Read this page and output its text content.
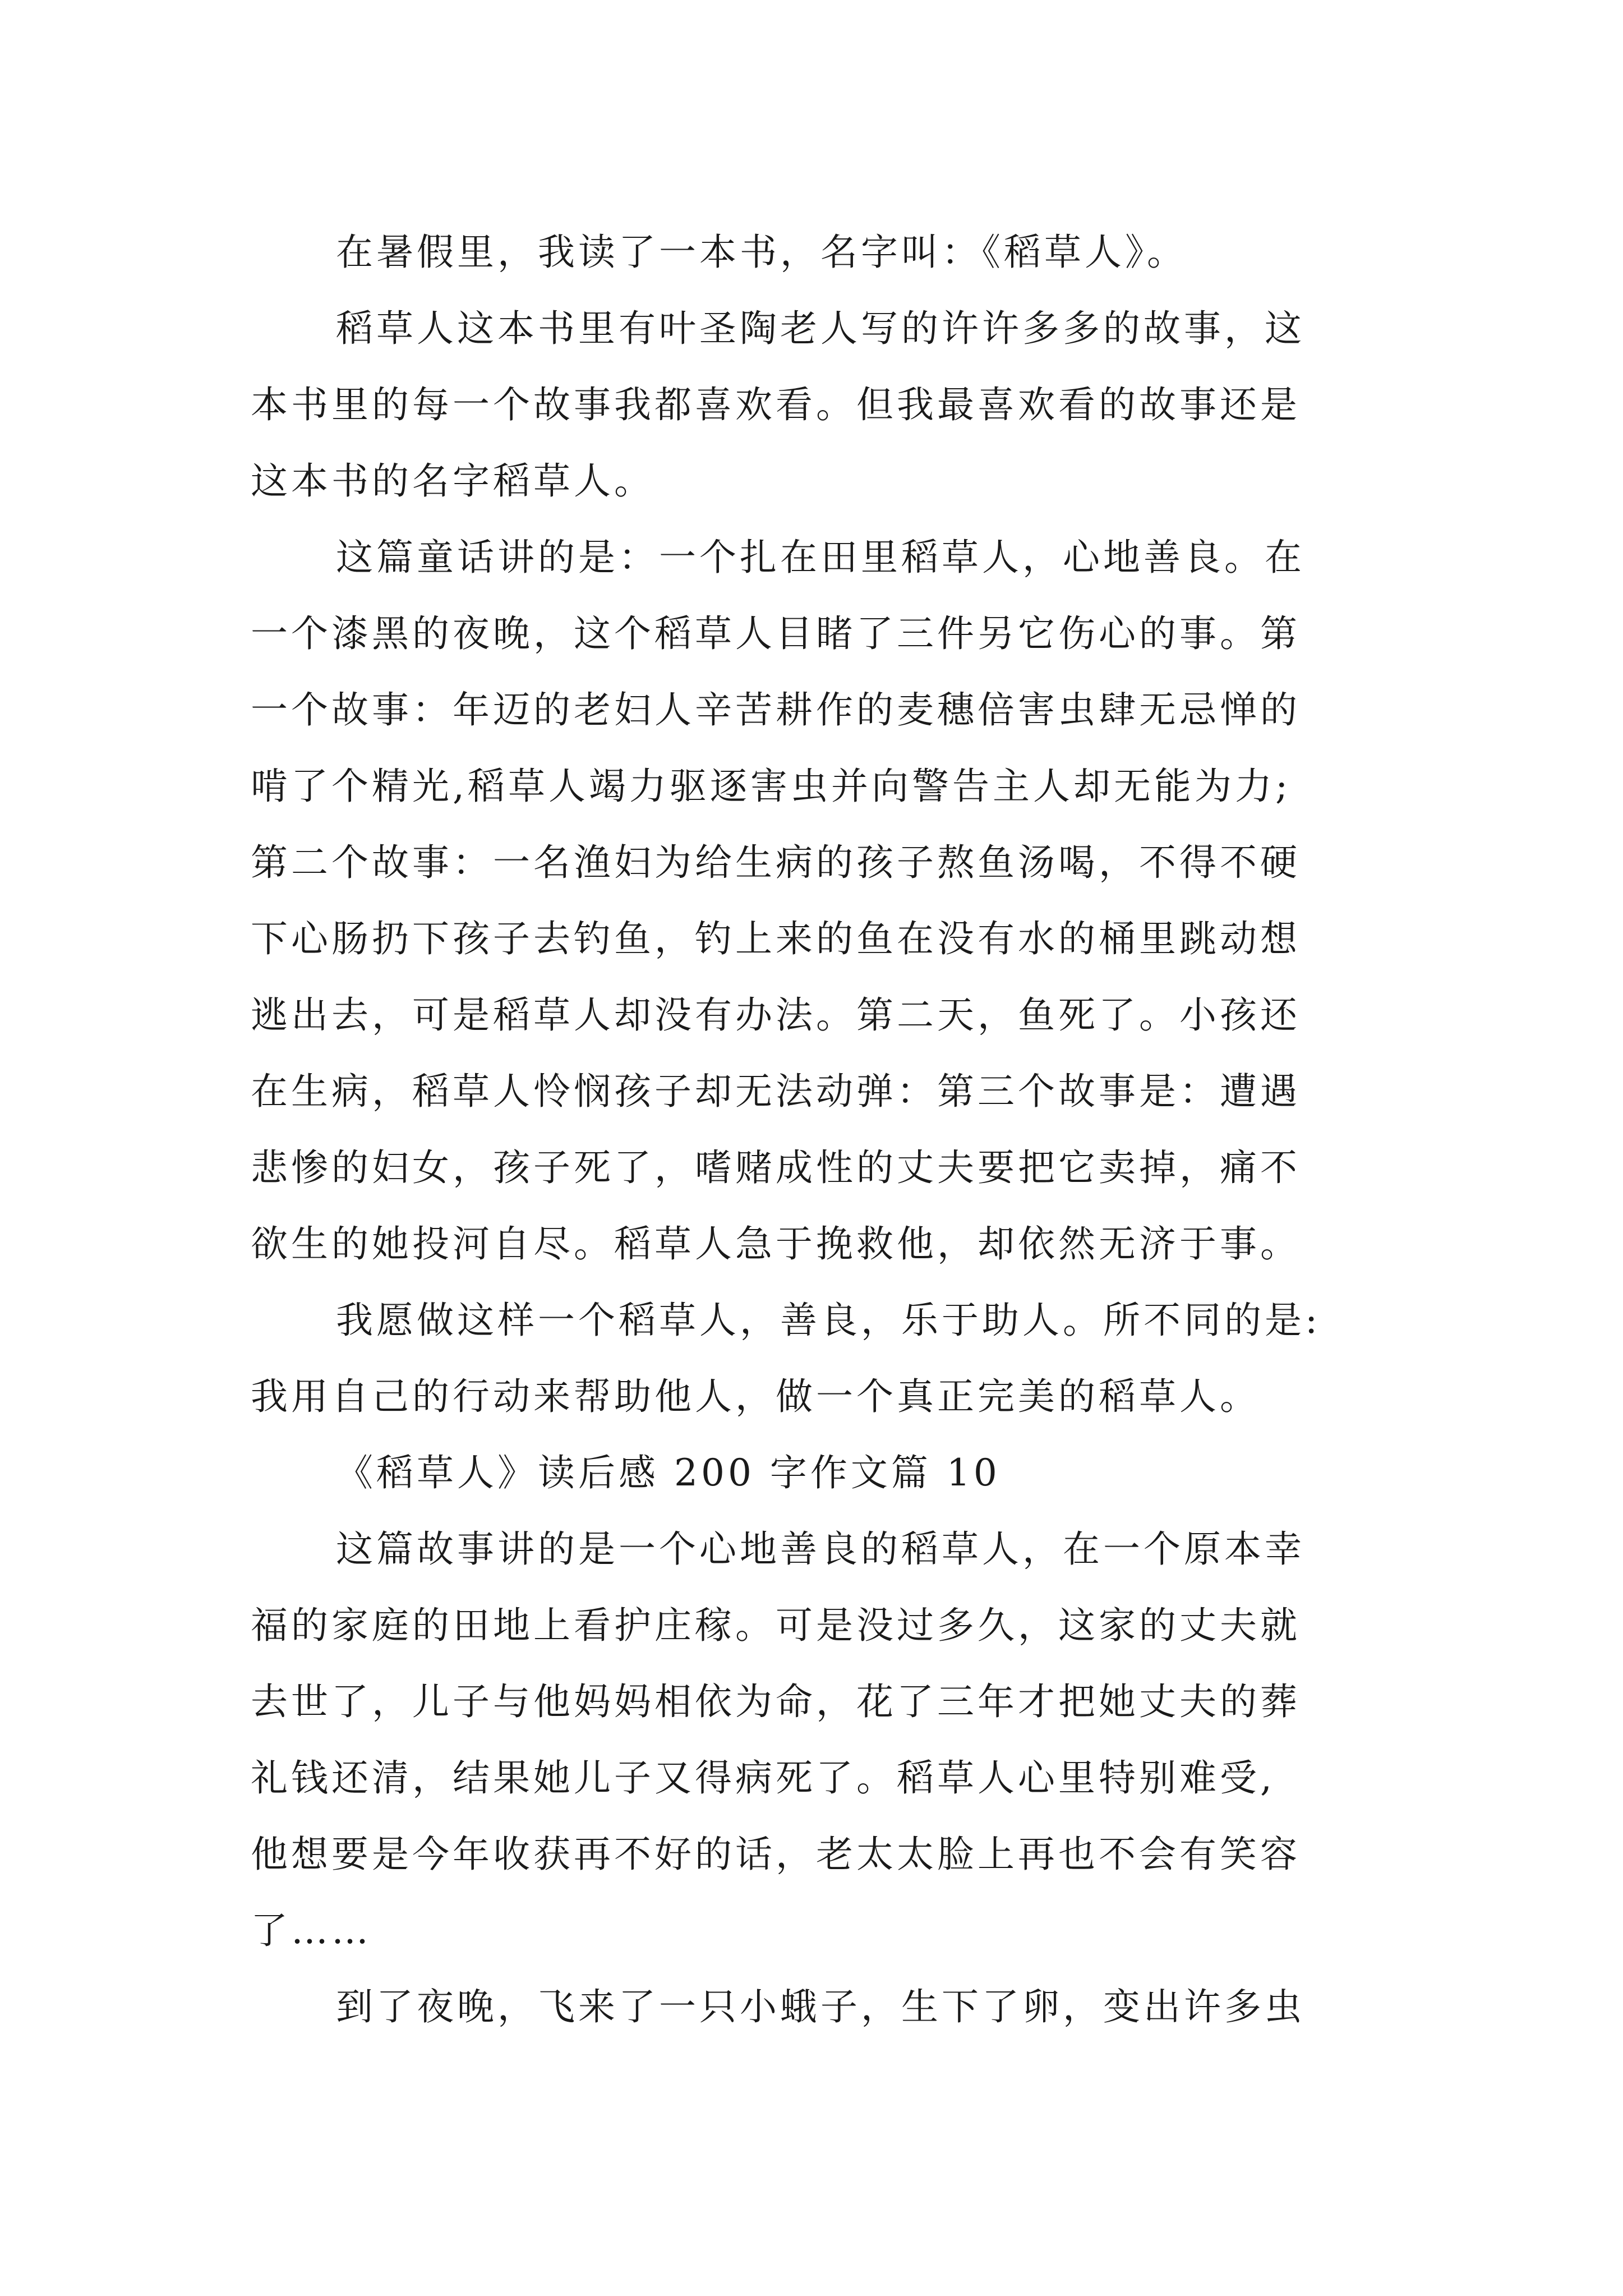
在暑假里，我读了一本书，名字叫：《稻草人》。
稻草人这本书里有叶圣陶老人写的许许多多的故事，这
本书里的每一个故事我都喜欢看。但我最喜欢看的故事还是
这本书的名字稻草人。
这篇童话讲的是：一个扎在田里稻草人，心地善良。在
一个漆黑的夜晚，这个稻草人目睹了三件另它伤心的事。第
一个故事：年迈的老妇人辛苦耕作的麦穗倍害虫肆无忌惮的
啃了个精光,稻草人竭力驱逐害虫并向警告主人却无能为力;
第二个故事：一名渔妇为给生病的孩子熬鱼汤喝，不得不硬
下心肠扔下孩子去钓鱼，钓上来的鱼在没有水的桶里跳动想
逃出去，可是稻草人却没有办法。第二天，鱼死了。小孩还
在生病，稻草人怜悯孩子却无法动弹：第三个故事是：遭遇
悲惨的妇女，孩子死了，嗜赌成性的丈夫要把它卖掉，痛不
欲生的她投河自尽。稻草人急于挽救他，却依然无济于事。
我愿做这样一个稻草人，善良，乐于助人。所不同的是:
我用自己的行动来帮助他人，做一个真正完美的稻草人。
《稻草人》读后感 200 字作文篇 10
这篇故事讲的是一个心地善良的稻草人，在一个原本幸
福的家庭的田地上看护庄稼。可是没过多久，这家的丈夫就
去世了，儿子与他妈妈相依为命，花了三年才把她丈夫的葬
礼钱还清，结果她儿子又得病死了。稻草人心里特别难受,
他想要是今年收获再不好的话，老太太脸上再也不会有笑容
了……
到了夜晚，飞来了一只小蛾子，生下了卵，变出许多虫
